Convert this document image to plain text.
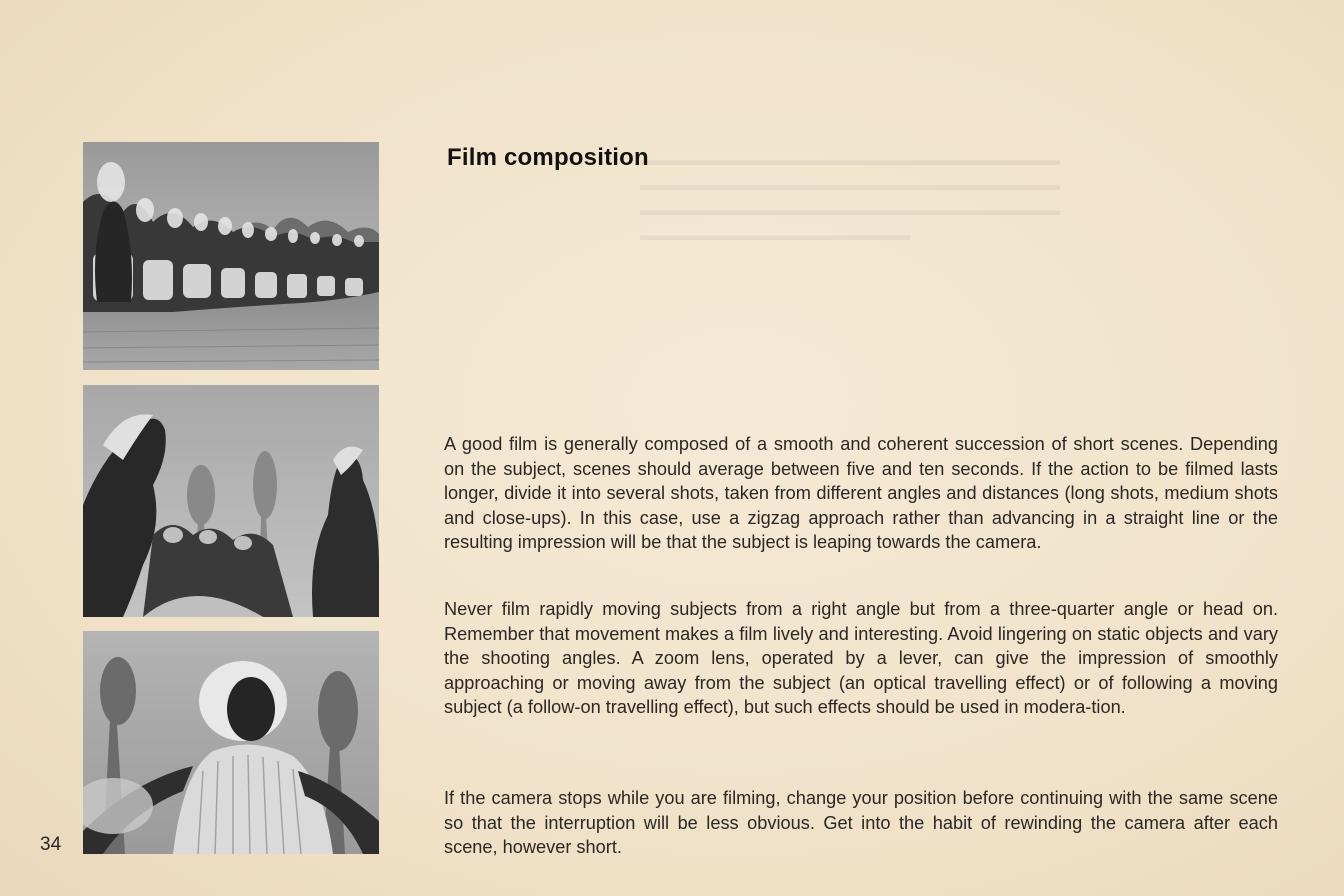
▬▬▬▬▬▬▬▬▬▬▬▬▬▬▬▬▬▬▬▬▬▬▬▬▬▬▬▬
▬▬▬▬▬▬▬▬▬▬▬▬▬▬▬▬▬▬▬▬▬▬▬▬▬▬▬▬
▬▬▬▬▬▬▬▬▬▬▬▬▬▬▬▬▬▬▬▬▬▬▬▬▬▬▬▬
▬▬▬▬▬▬▬▬▬▬▬▬▬▬▬▬▬▬
Film composition

A good film is generally composed of a smooth and coherent succession of short scenes. Depending on the subject, scenes should average between five and ten seconds. If the action to be filmed lasts longer, divide it into several shots, taken from different angles and distances (long shots, medium shots and close-ups). In this case, use a zigzag approach rather than advancing in a straight line or the resulting impression will be that the subject is leaping towards the camera.

Never film rapidly moving subjects from a right angle but from a three-quarter angle or head on. Remember that movement makes a film lively and interesting. Avoid lingering on static objects and vary the shooting angles. A zoom lens, operated by a lever, can give the impression of smoothly approaching or moving away from the subject (an optical travelling effect) or of following a moving subject (a follow-on travelling effect), but such effects should be used in modera-tion.

If the camera stops while you are filming, change your position before continuing with the same scene so that the interruption will be less obvious. Get into the habit of rewinding the camera after each scene, however short.

34
